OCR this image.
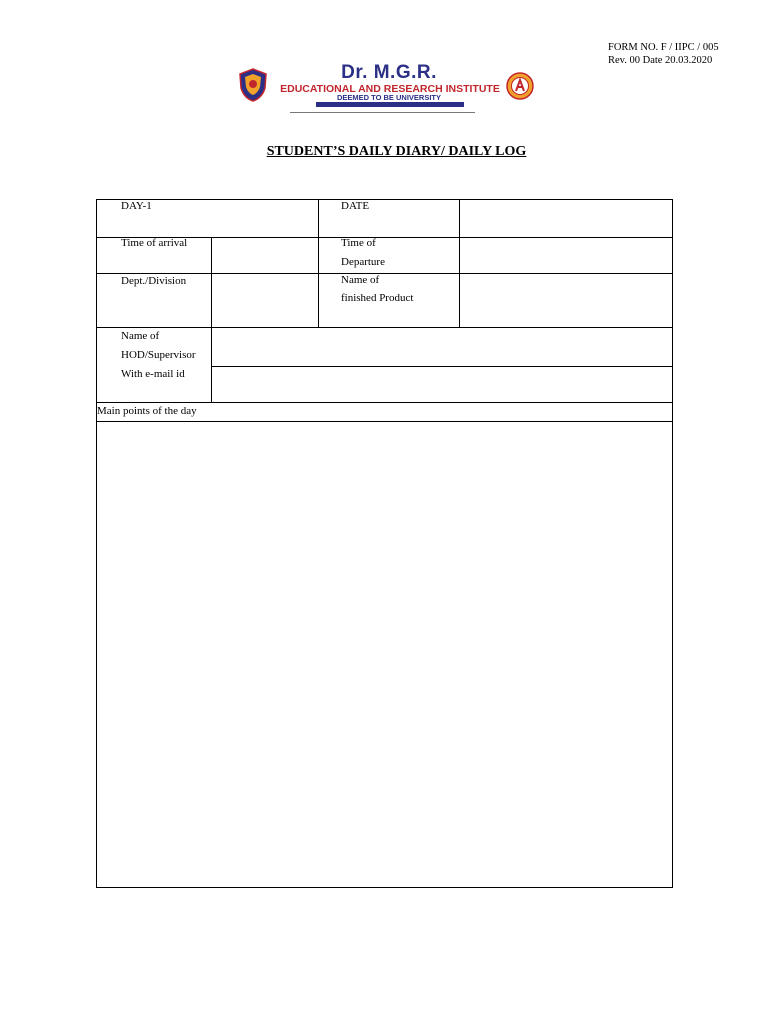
FORM NO. F / IIPC / 005
Rev. 00 Date 20.03.2020
Dr. M.G.R.
EDUCATIONAL AND RESEARCH INSTITUTE
DEEMED TO BE UNIVERSITY
STUDENT’S DAILY DIARY/ DAILY LOG
DAY-1	DATE
Time of arrival	Time of
Departure
Dept./Division	Name of
finished Product
Name of
HOD/Supervisor
With e-mail id
Main points of the day
